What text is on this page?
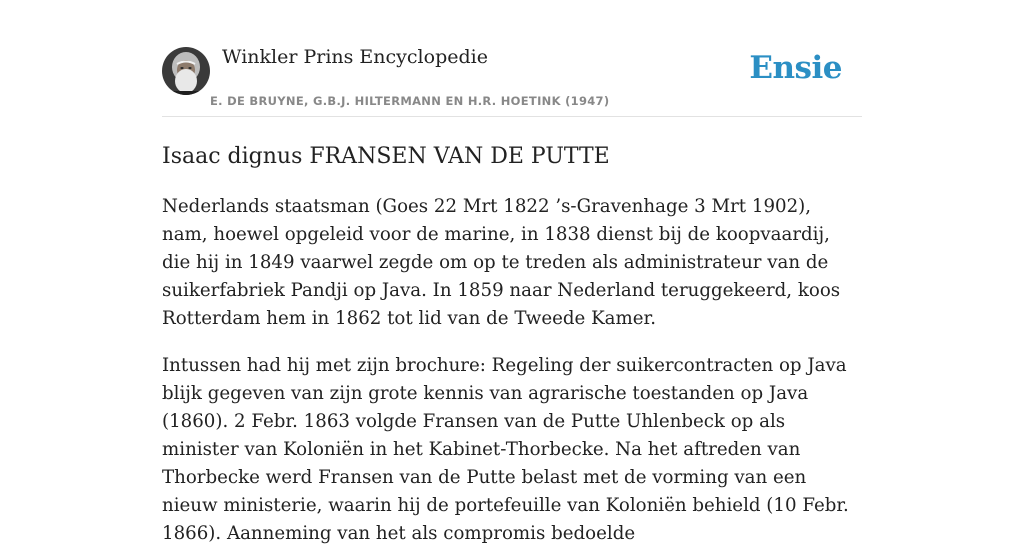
Winkler Prins Encyclopedie
E. DE BRUYNE, G.B.J. HILTERMANN EN H.R. HOETINK (1947)
Ensie
Isaac dignus FRANSEN VAN DE PUTTE

Nederlands staatsman (Goes 22 Mrt 1822 ’s-Gravenhage 3 Mrt 1902), nam, hoewel opgeleid voor de marine, in 1838 dienst bij de koopvaardij, die hij in 1849 vaarwel zegde om op te treden als administrateur van de suikerfabriek Pandji op Java. In 1859 naar Nederland teruggekeerd, koos Rotterdam hem in 1862 tot lid van de Tweede Kamer.

Intussen had hij met zijn brochure: Regeling der suikercontracten op Java blijk gegeven van zijn grote kennis van agrarische toestanden op Java (1860). 2 Febr. 1863 volgde Fransen van de Putte Uhlenbeck op als minister van Koloniën in het Kabinet-Thorbecke. Na het aftreden van Thorbecke werd Fransen van de Putte belast met de vorming van een nieuw ministerie, waarin hij de portefeuille van Koloniën behield (10 Febr. 1866). Aanneming van het als compromis bedoelde
